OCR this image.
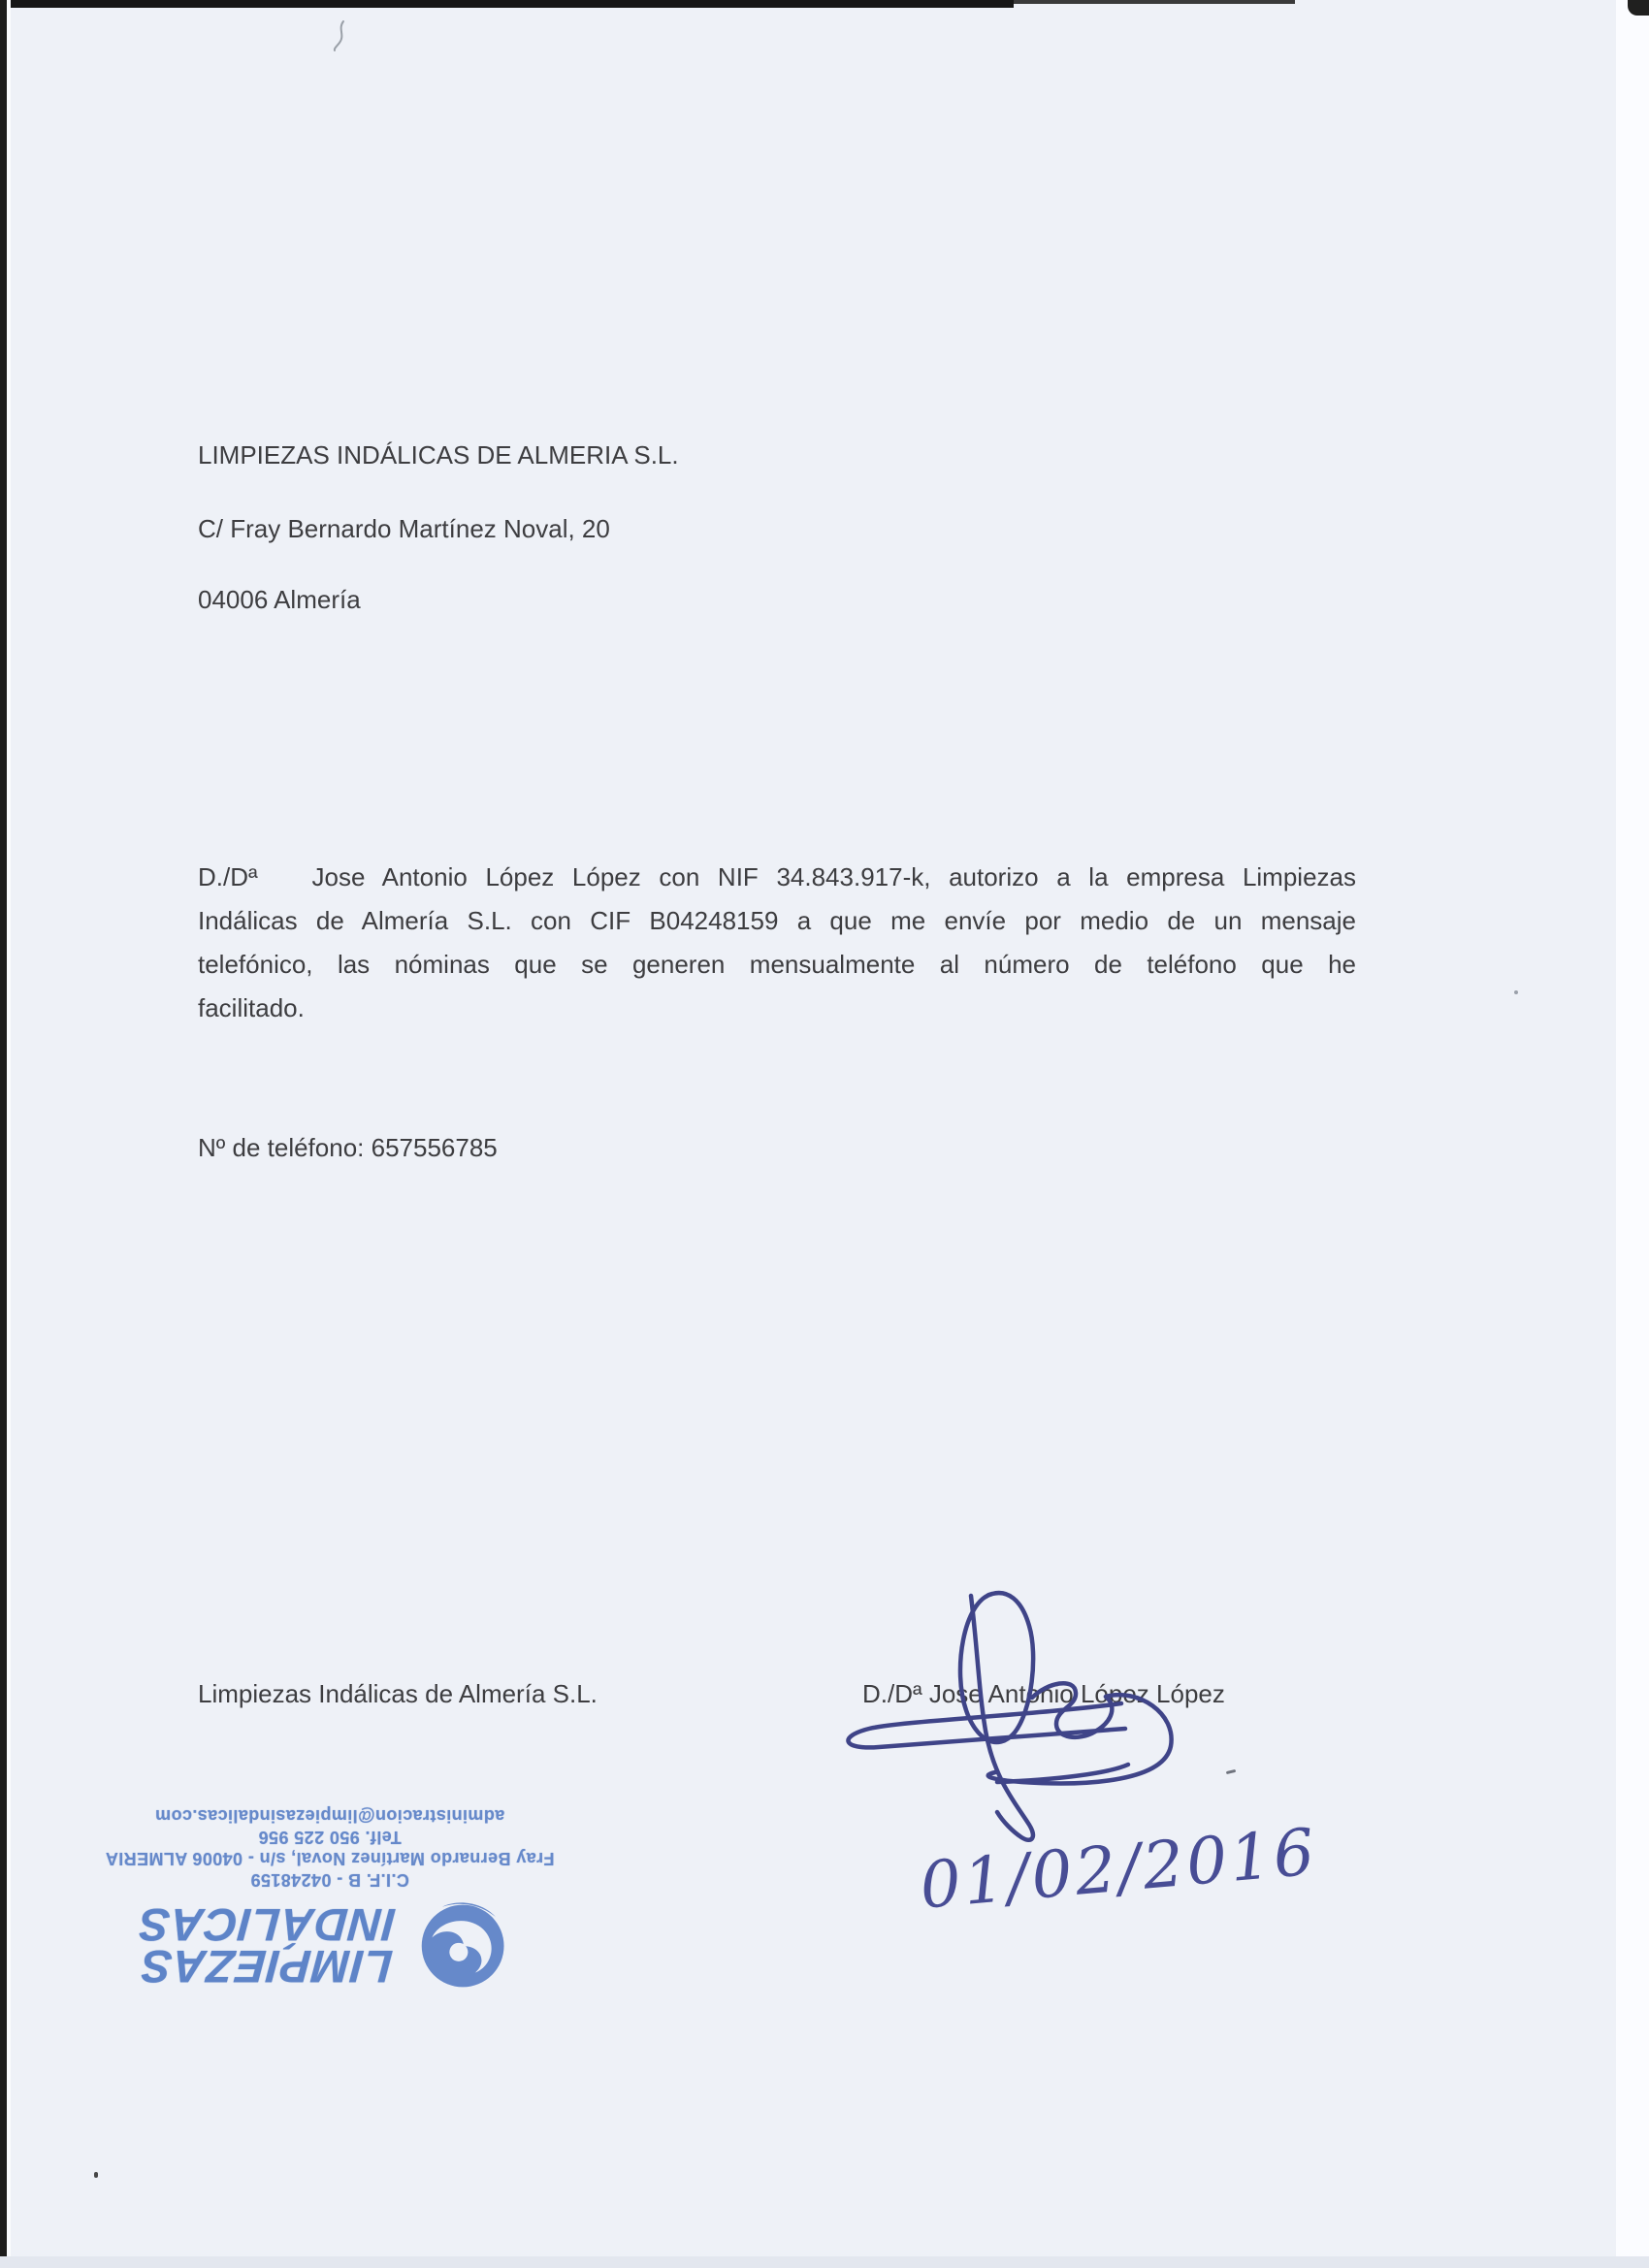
LIMPIEZAS INDÁLICAS DE ALMERIA S.L.
C/ Fray Bernardo Martínez Noval, 20
04006 Almería
D./Dª   Jose Antonio López López con NIF 34.843.917-k, autorizo a la empresa Limpiezas
Indálicas de Almería S.L. con CIF B04248159 a que me envíe por medio de un mensaje
telefónico, las nóminas que se generen mensualmente al número de teléfono que he
facilitado.
Nº de teléfono: 657556785
Limpiezas Indálicas de Almería S.L.	D./Dª Jose Antonio López López
01/02/2016
LIMPIEZAS
INDÁLICAS
C.I.F. B - 04248159
Fray Bernardo Martínez Noval, s/n - 04006 ALMERIA
Telf. 950 225 956
administracion@limpiezasindalicas.com
